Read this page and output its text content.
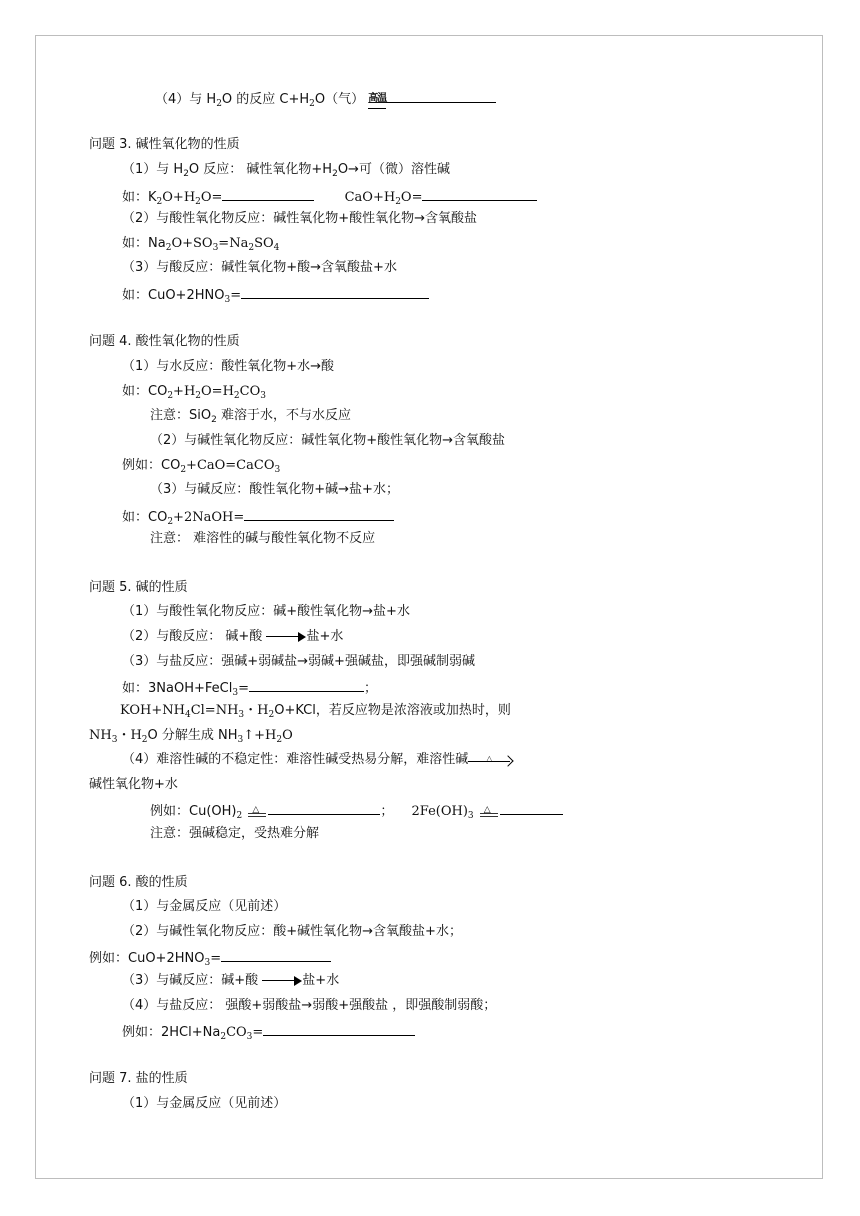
（4）与 $H_2O$ 的反应 $C+H_2O$（气） 高温
问题 3. 碱性氧化物的性质
（1）与 $H_2O$ 反应： 碱性氧化物$+H_2O\to$可（微）溶性碱
如：$K_2O+H_2O=$	$CaO+H_2O=$
（2）与酸性氧化物反应：碱性氧化物+酸性氧化物→含氧酸盐
如：$Na_2O+SO_3=Na_2SO_4$
（3）与酸反应：碱性氧化物+酸→含氧酸盐+水
如：$CuO+2HNO_3=$
问题 4. 酸性氧化物的性质
（1）与水反应：酸性氧化物+水→酸
如：$CO_2+H_2O=H_2CO_3$
注意：SiO$_2$ 难溶于水，不与水反应
（2）与碱性氧化物反应：碱性氧化物+酸性氧化物→含氧酸盐
例如：$CO_2+CaO=CaCO_3$
（3）与碱反应：酸性氧化物+碱→盐+水；
如：$CO_2+2NaOH=$
注意： 难溶性的碱与酸性氧化物不反应
问题 5. 碱的性质
（1）与酸性氧化物反应：碱+酸性氧化物→盐+水
（2）与酸反应： 碱+酸	盐+水
（3）与盐反应：强碱+弱碱盐→弱碱+强碱盐，即强碱制弱碱
如：3NaOH+FeCl$_3$=	；
$KOH+NH_4Cl=NH_3$・$H_2O+KCl$，若反应物是浓溶液或加热时，则
$NH_3$・$H_2O$ 分解生成 $NH_3↑+H_2O$
（4）难溶性碱的不稳定性：难溶性碱受热易分解，难溶性碱 △
碱性氧化物+水
例如：$Cu(OH)_2$
△	； $2Fe(OH)_3$
△
注意：强碱稳定，受热难分解
问题 6. 酸的性质
（1）与金属反应（见前述）
（2）与碱性氧化物反应：酸+碱性氧化物→含氧酸盐+水；
例如：$CuO+2HNO_3=$
（3）与碱反应：碱+酸	盐+水
（4）与盐反应： 强酸+弱酸盐→弱酸+强酸盐 ，即强酸制弱酸；
例如：$2HCl+Na_2CO_3=$
问题 7. 盐的性质
（1）与金属反应（见前述）
